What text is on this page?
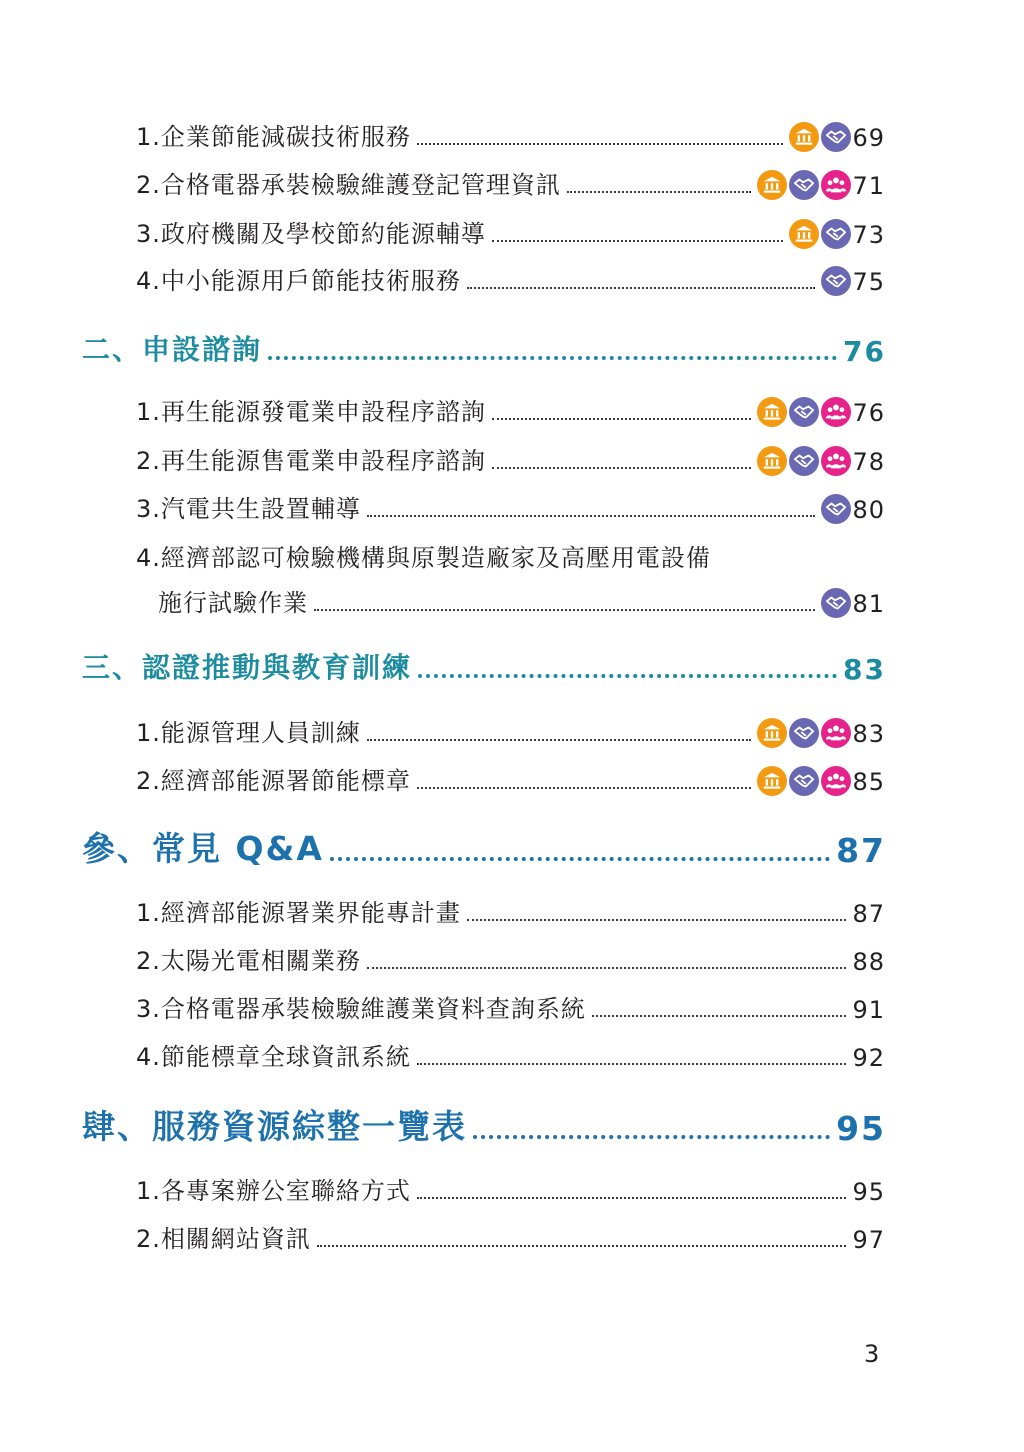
1.企業節能減碳技術服務	69
2.合格電器承裝檢驗維護登記管理資訊	71
3.政府機關及學校節約能源輔導	73
4.中小能源用戶節能技術服務	75
二、申設諮詢	76
1.再生能源發電業申設程序諮詢	76
2.再生能源售電業申設程序諮詢	78
3.汽電共生設置輔導	80
4.經濟部認可檢驗機構與原製造廠家及高壓用電設備
施行試驗作業	81
三、認證推動與教育訓練	83
1.能源管理人員訓練	83
2.經濟部能源署節能標章	85
參、常見 Q&A	87
1.經濟部能源署業界能專計畫	87
2.太陽光電相關業務	88
3.合格電器承裝檢驗維護業資料查詢系統	91
4.節能標章全球資訊系統	92
肆、服務資源綜整一覽表	95
1.各專案辦公室聯絡方式	95
2.相關網站資訊	97
3
